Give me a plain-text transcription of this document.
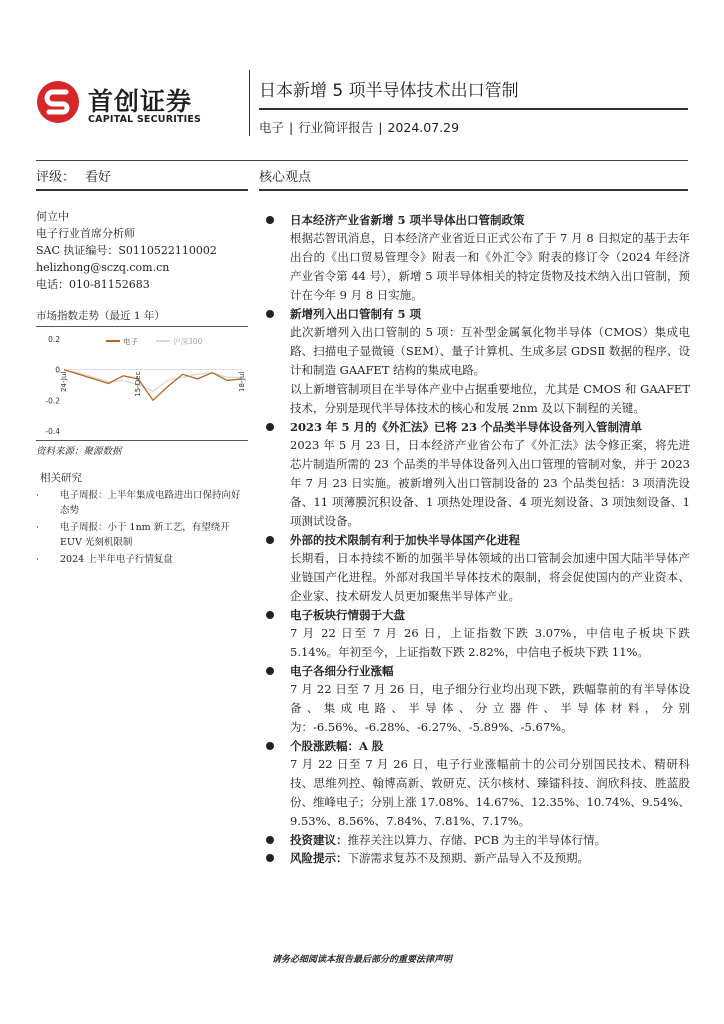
首创证券
CAPITAL SECURITIES
日本新增 5 项半导体技术出口管制
电子 | 行业简评报告 | 2024.07.29
评级： 看好	核心观点
何立中
电子行业首席分析师
SAC 执证编号：S0110522110002
helizhong@sczq.com.cn
电话：010-81152683
市场指数走势（最近 1 年）
0.2
0
-0.2
-0.4
电子	沪深300
24-Jul	15-Dec	18-Jul
资料来源：聚源数据
相关研究
· 电子周报：上半年集成电路进出口保持向好态势
· 电子周报：小于 1nm 新工艺，有望绕开 EUV 光刻机限制
· 2024 上半年电子行情复盘
日本经济产业省新增 5 项半导体出口管制政策
根据芯智讯消息，日本经济产业省近日正式公布了于 7 月 8 日拟定的基于去年出台的《出口贸易管理令》附表一和《外汇令》附表的修订令（2024 年经济产业省令第 44 号），新增 5 项半导体相关的特定货物及技术纳入出口管制，预计在今年 9 月 8 日实施。
新增列入出口管制有 5 项
此次新增列入出口管制的 5 项：互补型金属氧化物半导体（CMOS）集成电路、扫描电子显微镜（SEM）、量子计算机、生成多层 GDSⅡ 数据的程序、设计和制造 GAAFET 结构的集成电路。
以上新增管制项目在半导体产业中占据重要地位，尤其是 CMOS 和 GAAFET 技术，分别是现代半导体技术的核心和发展 2nm 及以下制程的关键。
2023 年 5 月的《外汇法》已将 23 个品类半导体设备列入管制清单
2023 年 5 月 23 日，日本经济产业省公布了《外汇法》法令修正案，将先进芯片制造所需的 23 个品类的半导体设备列入出口管理的管制对象，并于 2023 年 7 月 23 日实施。被新增列入出口管制设备的 23 个品类包括：3 项清洗设备、11 项薄膜沉积设备、1 项热处理设备、4 项光刻设备、3 项蚀刻设备、1 项测试设备。
外部的技术限制有利于加快半导体国产化进程
长期看，日本持续不断的加强半导体领域的出口管制会加速中国大陆半导体产业链国产化进程。外部对我国半导体技术的限制，将会促使国内的产业资本、企业家、技术研发人员更加聚焦半导体产业。
电子板块行情弱于大盘
7 月 22 日至 7 月 26 日，上证指数下跌 3.07%，中信电子板块下跌 5.14%。年初至今，上证指数下跌 2.82%，中信电子板块下跌 11%。
电子各细分行业涨幅
7 月 22 日至 7 月 26 日，电子细分行业均出现下跌，跌幅靠前的有半导体设备、集成电路、半导体、分立器件、半导体材料，分别为：-6.56%、-6.28%、-6.27%、-5.89%、-5.67%。
个股涨跌幅：A 股
7 月 22 日至 7 月 26 日，电子行业涨幅前十的公司分别国民技术、精研科技、思维列控、翰博高新、敦研克、沃尔核材、臻镭科技、润欣科技、胜蓝股份、维峰电子；分别上涨 17.08%、14.67%、12.35%、10.74%、9.54%、9.53%、8.56%、7.84%、7.81%、7.17%。
投资建议：推荐关注以算力、存储、PCB 为主的半导体行情。
风险提示：下游需求复苏不及预期、新产品导入不及预期。
请务必细阅读本报告最后部分的重要法律声明
